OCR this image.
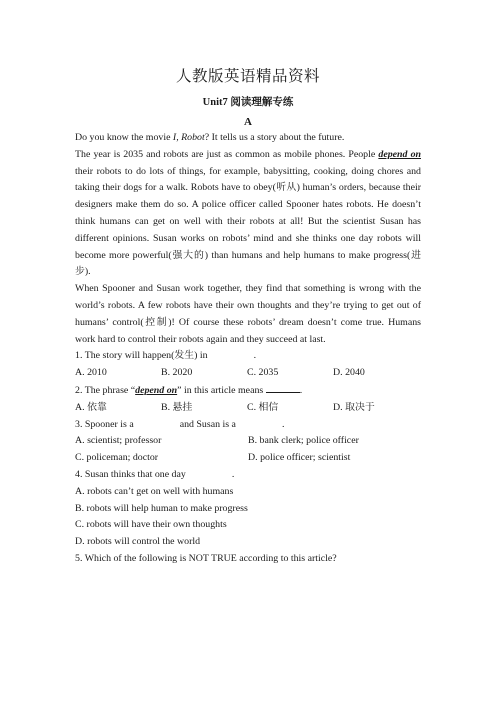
人教版英语精品资料
Unit7 阅读理解专练
A

Do you know the movie I, Robot? It tells us a story about the future.

The year is 2035 and robots are just as common as mobile phones. People depend on their robots to do lots of things, for example, babysitting, cooking, doing chores and taking their dogs for a walk. Robots have to obey(听从) human’s orders, because their designers make them do so. A police officer called Spooner hates robots. He doesn’t think humans can get on well with their robots at all! But the scientist Susan has different opinions. Susan works on robots’ mind and she thinks one day robots will become more powerful(强大的) than humans and help humans to make progress(进步).

When Spooner and Susan work together, they find that something is wrong with the world’s robots. A few robots have their own thoughts and they’re trying to get out of humans’ control(控制)! Of course these robots’ dream doesn’t come true. Humans work hard to control their robots again and they succeed at last.

1. The story will happen(发生) in	.
A. 2010	B. 2020	C. 2035	D. 2040
2. The phrase “depend on” in this article means	.
A. 依靠	B. 悬挂	C. 相信	D. 取决于
3. Spooner is a	and Susan is a	.
A. scientist; professor	B. bank clerk; police officer
C. policeman; doctor	D. police officer; scientist
4. Susan thinks that one day	.
A. robots can’t get on well with humans
B. robots will help human to make progress
C. robots will have their own thoughts
D. robots will control the world
5. Which of the following is NOT TRUE according to this article?
